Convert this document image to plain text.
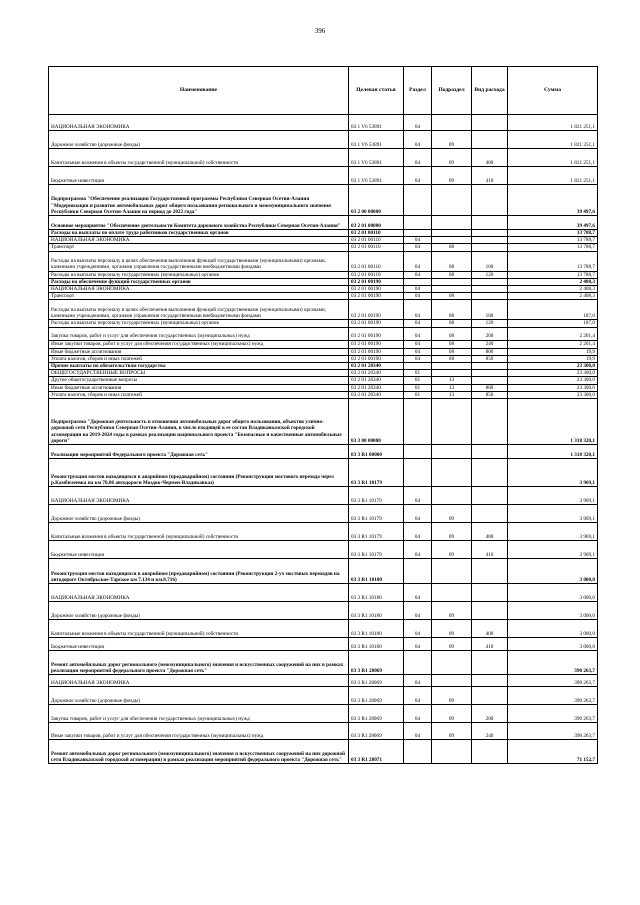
396
Наименование	Целевая статья	Раздел	Подраздел	Вид расхода	Сумма
НАЦИОНАЛЬНАЯ ЭКОНОМИКА	03 1 V6 53891	04			1 821 251,1
Дорожное хозяйство (дорожные фонды)	03 1 V6 53891	04	09		1 821 251,1
Капитальные вложения в объекты государственной (муниципальной) собственности	03 1 V6 53891	04	09	400	1 821 251,1
Бюджетные инвестиции	03 1 V6 53891	04	09	410	1 821 251,1
Подпрограмма "Обеспечение реализации Государственной программы Республики Северная Осетия-Алания "Модернизация и развитие автомобильных дорог общего пользования регионального и межмуниципального значения Республики Северная Осетия-Алания на период до 2022 года"	03 2 00 00000				39 497,6
Основное мероприятие "Обеспечение деятельности Комитета дорожного хозяйства Республики Северная Осетия-Алания"	03 2 01 00000				39 497,6
Расходы на выплаты по оплате труда работников государственных органов	03 2 01 00110				13 788,7
НАЦИОНАЛЬНАЯ ЭКОНОМИКА	03 2 01 00110	04			13 788,7
Транспорт	03 2 01 00110	04	08		13 788,7
Расходы на выплаты персоналу в целях обеспечения выполнения функций государственными (муниципальными) органами, казенными учреждениями, органами управления государственными внебюджетными фондами	03 2 01 00110	04	08	100	13 788,7
Расходы на выплаты персоналу государственных (муниципальных) органов	03 2 01 00110	04	08	120	13 788,7
Расходы на обеспечение функций государственных органов	03 2 01 00190				2 408,3
НАЦИОНАЛЬНАЯ ЭКОНОМИКА	03 2 01 00190	04			2 408,3
Транспорт	03 2 01 00190	04	08		2 408,3
Расходы на выплаты персоналу в целях обеспечения выполнения функций государственными (муниципальными) органами, казенными учреждениями, органами управления государственными внебюджетными фондами	03 2 01 00190	04	08	100	187,0
Расходы на выплаты персоналу государственных (муниципальных) органов	03 2 01 00190	04	08	120	187,0
Закупка товаров, работ и услуг для обеспечения государственных (муниципальных) нужд	03 2 01 00190	04	08	200	2 201,4
Иные закупки товаров, работ и услуг для обеспечения государственных (муниципальных) нужд	03 2 01 00190	04	08	240	2 201,4
Иные бюджетные ассигнования	03 2 01 00190	04	08	800	19,9
Уплата налогов, сборов и иных платежей	03 2 01 00190	04	08	850	19,9
Прочие выплаты по обязательствам государства	03 2 01 20340				23 300,0
ОБЩЕГОСУДАРСТВЕННЫЕ ВОПРОСЫ	03 2 01 20340	01			23 300,0
Другие общегосударственные вопросы	03 2 01 20340	01	13		23 300,0
Иные бюджетные ассигнования	03 2 01 20340	01	13	800	23 300,0
Уплата налогов, сборов и иных платежей	03 2 01 20340	01	13	850	23 300,0
Подпрограмма "Дорожная деятельность в отношении автомобильных дорог общего пользования, объектов улично-дорожной сети Республики Северная Осетия-Алания, в число входящей в ее состав Владикавказской городской агломерации на 2019-2024 годы в рамках реализации национального проекта "Безопасные и качественные автомобильные дороги"	03 3 00 00000				1 318 320,1
Реализация мероприятий Федерального проекта "Дорожная сеть"	03 3 R1 00000				1 318 320,1
Реконструкция мостов находящихся в аварийном (предаварийном) состоянии (Реконструкция мостового перехода через р.Камбилеевка на км 78.06 автодороги Моздок-Чермен-Владикавказ)	03 3 R1 10179				3 969,1
НАЦИОНАЛЬНАЯ ЭКОНОМИКА	03 3 R1 10179	04			3 969,1
Дорожное хозяйство (дорожные фонды)	03 3 R1 10179	04	09		3 969,1
Капитальные вложения в объекты государственной (муниципальной) собственности	03 3 R1 10179	04	09	400	3 969,1
Бюджетные инвестиции	03 3 R1 10179	04	09	410	3 969,1
Реконструкция мостов находящихся в аварийном (предаварийном) состоянии (Реконструкция 2-ух мостовых переходов на автодороге Октябрьское-Тарское км 7.134 и км.8.716)	03 3 R1 10180				3 000,0
НАЦИОНАЛЬНАЯ ЭКОНОМИКА	03 3 R1 10180	04			3 000,0
Дорожное хозяйство (дорожные фонды)	03 3 R1 10180	04	09		3 000,0
Капитальные вложения в объекты государственной (муниципальной) собственности	03 3 R1 10180	04	09	400	3 000,0
Бюджетные инвестиции	03 3 R1 10180	04	09	410	3 000,0
Ремонт автомобильных дорог регионального (межмуниципального) значения и искусственных сооружений на них в рамках реализации мероприятий федерального проекта "Дорожная сеть"	03 3 R1 28069				390 263,7
НАЦИОНАЛЬНАЯ ЭКОНОМИКА	03 3 R1 28069	04			390 263,7
Дорожное хозяйство (дорожные фонды)	03 3 R1 28069	04	09		390 263,7
Закупка товаров, работ и услуг для обеспечения государственных (муниципальных) нужд	03 3 R1 28069	04	09	200	390 263,7
Иные закупки товаров, работ и услуг для обеспечения государственных (муниципальных) нужд	03 3 R1 28069	04	09	240	390 263,7
Ремонт автомобильных дорог регионального (межмуниципального) значения и искусственных сооружений на них дорожной сети Владикавказской городской агломерации) в рамках реализации мероприятий федерального проекта "Дорожная сеть"	03 3 R1 28071				71 152,7
